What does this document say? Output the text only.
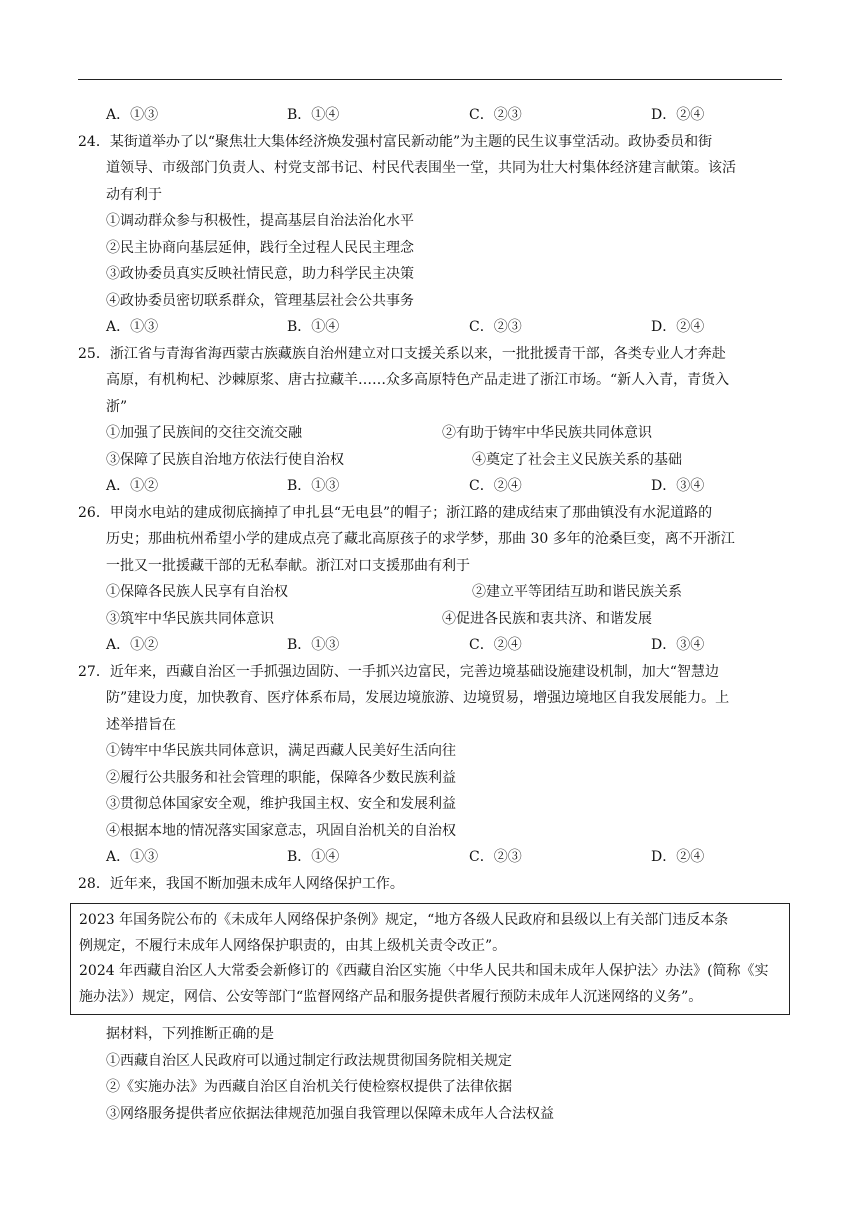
A．①③	B．①④	C．②③	D．②④
24．某街道举办了以“聚焦壮大集体经济焕发强村富民新动能”为主题的民生议事堂活动。政协委员和街
道领导、市级部门负责人、村党支部书记、村民代表围坐一堂，共同为壮大村集体经济建言献策。该活
动有利于
①调动群众参与积极性，提高基层自治法治化水平
②民主协商向基层延伸，践行全过程人民民主理念
③政协委员真实反映社情民意，助力科学民主决策
④政协委员密切联系群众，管理基层社会公共事务
A．①③	B．①④	C．②③	D．②④
25．浙江省与青海省海西蒙古族藏族自治州建立对口支援关系以来，一批批援青干部，各类专业人才奔赴
高原，有机枸杞、沙棘原浆、唐古拉藏羊……众多高原特色产品走进了浙江市场。“新人入青，青货入
浙”
①加强了民族间的交往交流交融	②有助于铸牢中华民族共同体意识
③保障了民族自治地方依法行使自治权	④奠定了社会主义民族关系的基础
A．①②	B．①③	C．②④	D．③④
26．甲岗水电站的建成彻底摘掉了申扎县“无电县”的帽子；浙江路的建成结束了那曲镇没有水泥道路的
历史；那曲杭州希望小学的建成点亮了藏北高原孩子的求学梦，那曲 30 多年的沧桑巨变，离不开浙江
一批又一批援藏干部的无私奉献。浙江对口支援那曲有利于
①保障各民族人民享有自治权	②建立平等团结互助和谐民族关系
③筑牢中华民族共同体意识	④促进各民族和衷共济、和谐发展
A．①②	B．①③	C．②④	D．③④
27．近年来，西藏自治区一手抓强边固防、一手抓兴边富民，完善边境基础设施建设机制，加大“智慧边
防”建设力度，加快教育、医疗体系布局，发展边境旅游、边境贸易，增强边境地区自我发展能力。上
述举措旨在
①铸牢中华民族共同体意识，满足西藏人民美好生活向往
②履行公共服务和社会管理的职能，保障各少数民族利益
③贯彻总体国家安全观，维护我国主权、安全和发展利益
④根据本地的情况落实国家意志，巩固自治机关的自治权
A．①③	B．①④	C．②③	D．②④
28．近年来，我国不断加强未成年人网络保护工作。
2023 年国务院公布的《未成年人网络保护条例》规定，“地方各级人民政府和县级以上有关部门违反本条
例规定，不履行未成年人网络保护职责的，由其上级机关责令改正”。
2024 年西藏自治区人大常委会新修订的《西藏自治区实施〈中华人民共和国未成年人保护法〉办法》(简称《实
施办法》）规定，网信、公安等部门“监督网络产品和服务提供者履行预防未成年人沉迷网络的义务”。
据材料，下列推断正确的是
①西藏自治区人民政府可以通过制定行政法规贯彻国务院相关规定
②《实施办法》为西藏自治区自治机关行使检察权提供了法律依据
③网络服务提供者应依据法律规范加强自我管理以保障未成年人合法权益
